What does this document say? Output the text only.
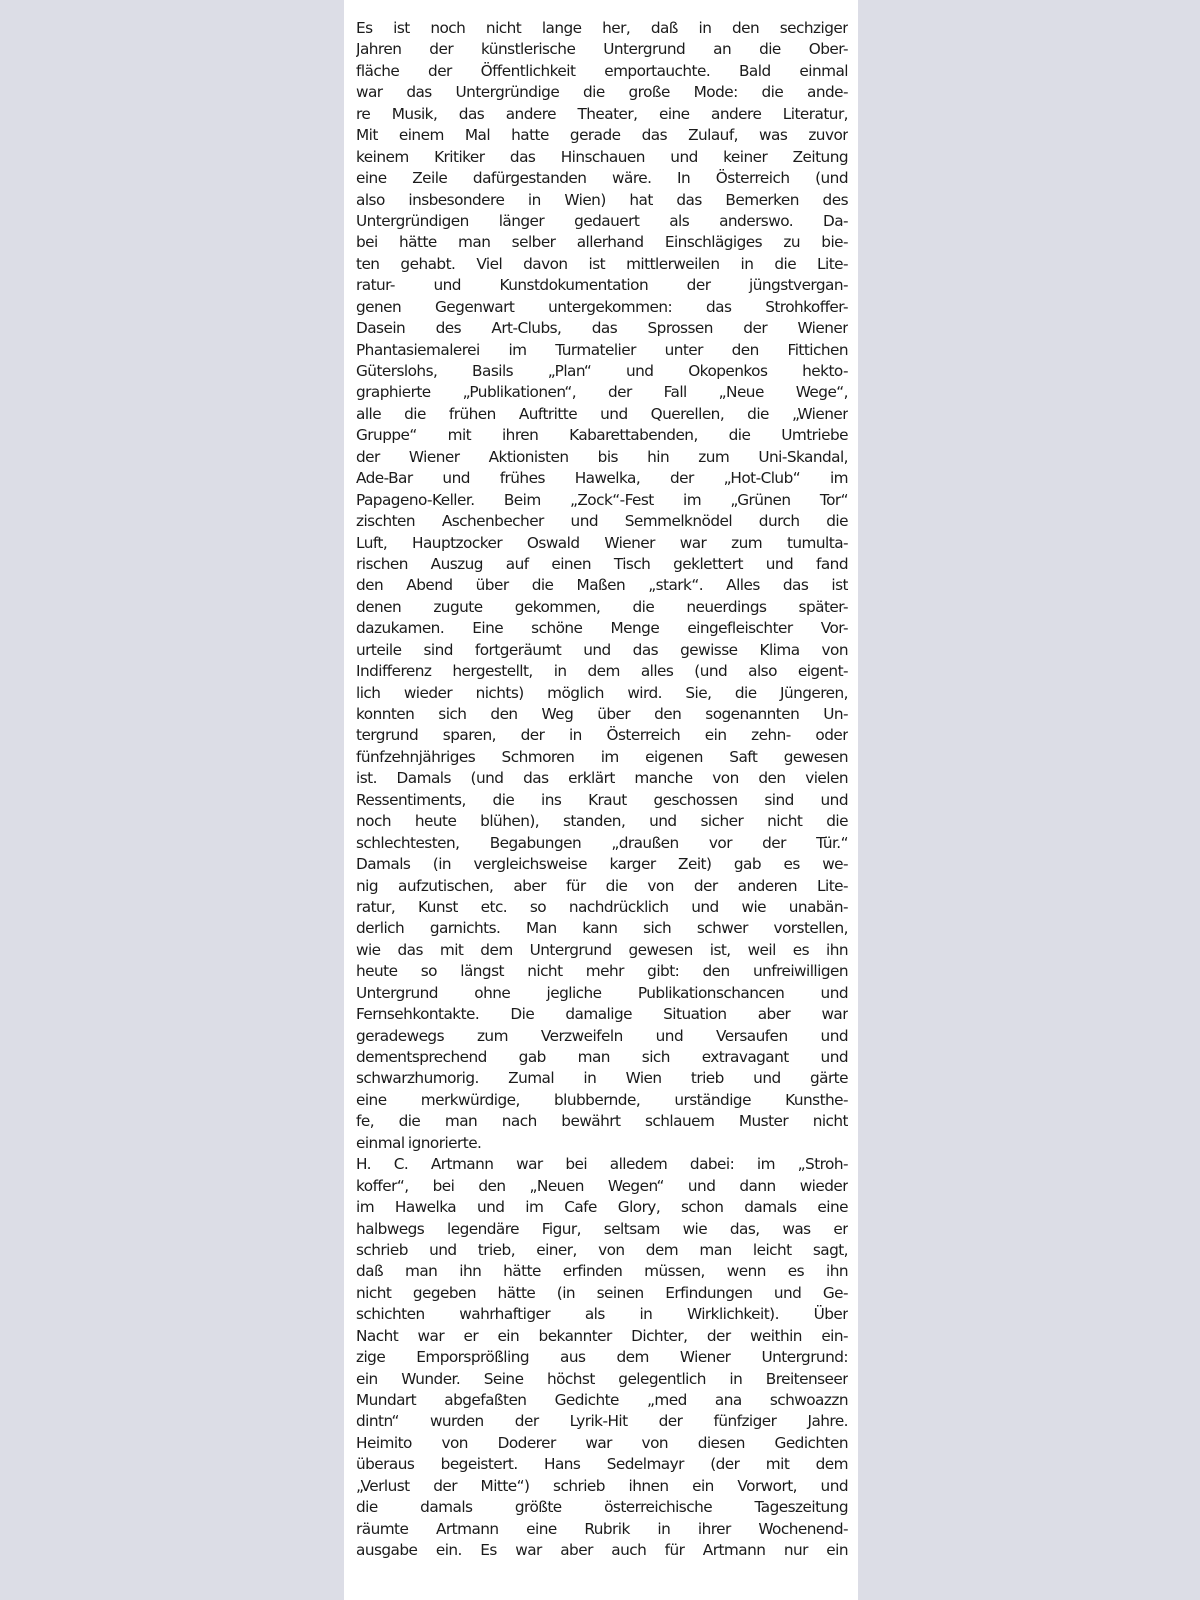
Es ist noch nicht lange her, daß in den sechziger
Jahren der künstlerische Untergrund an die Ober-
fläche der Öffentlichkeit emportauchte. Bald einmal
war das Untergründige die große Mode: die ande-
re Musik, das andere Theater, eine andere Literatur,
Mit einem Mal hatte gerade das Zulauf, was zuvor
keinem Kritiker das Hinschauen und keiner Zeitung
eine Zeile dafürgestanden wäre. In Österreich (und
also insbesondere in Wien) hat das Bemerken des
Untergründigen länger gedauert als anderswo. Da-
bei hätte man selber allerhand Einschlägiges zu bie-
ten gehabt. Viel davon ist mittlerweilen in die Lite-
ratur- und Kunstdokumentation der jüngstvergan-
genen Gegenwart untergekommen: das Strohkoffer-
Dasein des Art-Clubs, das Sprossen der Wiener
Phantasiemalerei im Turmatelier unter den Fittichen
Güterslohs, Basils „Plan“ und Okopenkos hekto-
graphierte „Publikationen“, der Fall „Neue Wege“,
alle die frühen Auftritte und Querellen, die „Wiener
Gruppe“ mit ihren Kabarettabenden, die Umtriebe
der Wiener Aktionisten bis hin zum Uni-Skandal,
Ade-Bar und frühes Hawelka, der „Hot-Club“ im
Papageno-Keller. Beim „Zock“-Fest im „Grünen Tor“
zischten Aschenbecher und Semmelknödel durch die
Luft, Hauptzocker Oswald Wiener war zum tumulta-
rischen Auszug auf einen Tisch geklettert und fand
den Abend über die Maßen „stark“. Alles das ist
denen zugute gekommen, die neuerdings später-
dazukamen. Eine schöne Menge eingefleischter Vor-
urteile sind fortgeräumt und das gewisse Klima von
Indifferenz hergestellt, in dem alles (und also eigent-
lich wieder nichts) möglich wird. Sie, die Jüngeren,
konnten sich den Weg über den sogenannten Un-
tergrund sparen, der in Österreich ein zehn- oder
fünfzehnjähriges Schmoren im eigenen Saft gewesen
ist. Damals (und das erklärt manche von den vielen
Ressentiments, die ins Kraut geschossen sind und
noch heute blühen), standen, und sicher nicht die
schlechtesten, Begabungen „draußen vor der Tür.“
Damals (in vergleichsweise karger Zeit) gab es we-
nig aufzutischen, aber für die von der anderen Lite-
ratur, Kunst etc. so nachdrücklich und wie unabän-
derlich garnichts. Man kann sich schwer vorstellen,
wie das mit dem Untergrund gewesen ist, weil es ihn
heute so längst nicht mehr gibt: den unfreiwilligen
Untergrund ohne jegliche Publikationschancen und
Fernsehkontakte. Die damalige Situation aber war
geradewegs zum Verzweifeln und Versaufen und
dementsprechend gab man sich extravagant und
schwarzhumorig. Zumal in Wien trieb und gärte
eine merkwürdige, blubbernde, urständige Kunsthe-
fe, die man nach bewährt schlauem Muster nicht
einmal ignorierte.
H. C. Artmann war bei alledem dabei: im „Stroh-
koffer“, bei den „Neuen Wegen“ und dann wieder
im Hawelka und im Cafe Glory, schon damals eine
halbwegs legendäre Figur, seltsam wie das, was er
schrieb und trieb, einer, von dem man leicht sagt,
daß man ihn hätte erfinden müssen, wenn es ihn
nicht gegeben hätte (in seinen Erfindungen und Ge-
schichten wahrhaftiger als in Wirklichkeit). Über
Nacht war er ein bekannter Dichter, der weithin ein-
zige Emporsprößling aus dem Wiener Untergrund:
ein Wunder. Seine höchst gelegentlich in Breitenseer
Mundart abgefaßten Gedichte „med ana schwoazzn
dintn“ wurden der Lyrik-Hit der fünfziger Jahre.
Heimito von Doderer war von diesen Gedichten
überaus begeistert. Hans Sedelmayr (der mit dem
„Verlust der Mitte“) schrieb ihnen ein Vorwort, und
die damals größte österreichische Tageszeitung
räumte Artmann eine Rubrik in ihrer Wochenend-
ausgabe ein. Es war aber auch für Artmann nur ein
